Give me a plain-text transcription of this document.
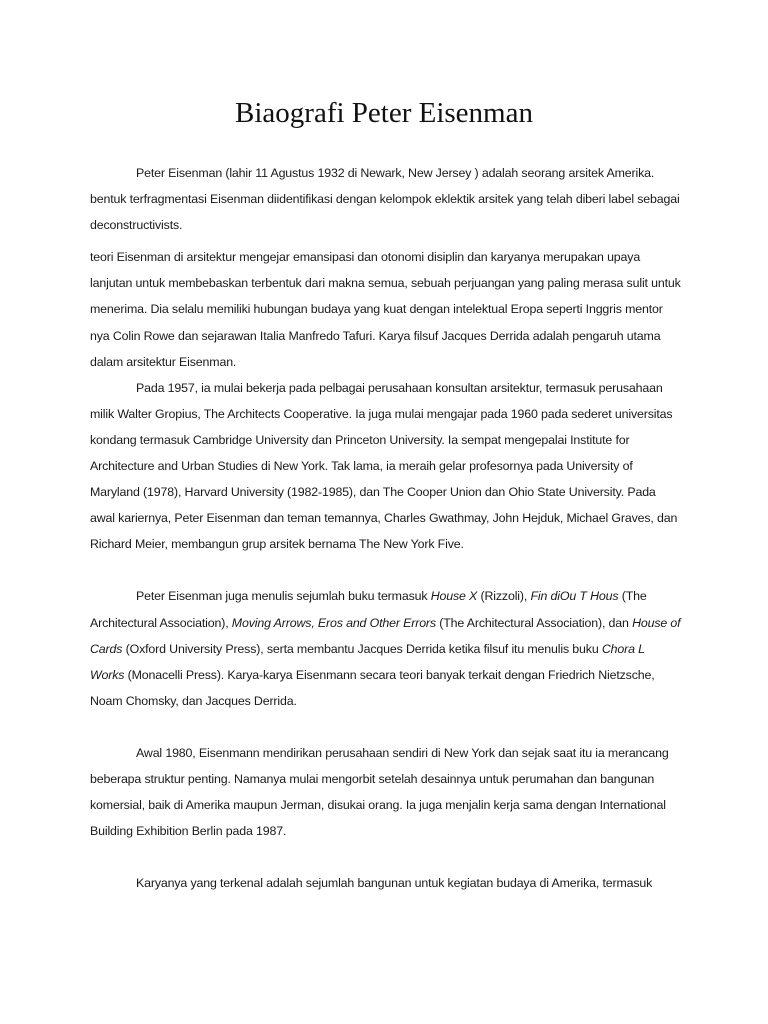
Biaografi Peter Eisenman

Peter Eisenman (lahir 11 Agustus 1932 di Newark, New Jersey ) adalah seorang arsitek Amerika. bentuk terfragmentasi Eisenman diidentifikasi dengan kelompok eklektik arsitek yang telah diberi label sebagai deconstructivists.

teori Eisenman di arsitektur mengejar emansipasi dan otonomi disiplin dan karyanya merupakan upaya lanjutan untuk membebaskan terbentuk dari makna semua, sebuah perjuangan yang paling merasa sulit untuk menerima. Dia selalu memiliki hubungan budaya yang kuat dengan intelektual Eropa seperti Inggris mentor nya Colin Rowe dan sejarawan Italia Manfredo Tafuri. Karya filsuf Jacques Derrida adalah pengaruh utama dalam arsitektur Eisenman.

Pada 1957, ia mulai bekerja pada pelbagai perusahaan konsultan arsitektur, termasuk perusahaan milik Walter Gropius, The Architects Cooperative. Ia juga mulai mengajar pada 1960 pada sederet universitas kondang termasuk Cambridge University dan Princeton University. Ia sempat mengepalai Institute for Architecture and Urban Studies di New York. Tak lama, ia meraih gelar profesornya pada University of Maryland (1978), Harvard University (1982-1985), dan The Cooper Union dan Ohio State University. Pada awal kariernya, Peter Eisenman dan teman temannya, Charles Gwathmay, John Hejduk, Michael Graves, dan Richard Meier, membangun grup arsitek bernama The New York Five.

Peter Eisenman juga menulis sejumlah buku termasuk House X (Rizzoli), Fin diOu T Hous (The Architectural Association), Moving Arrows, Eros and Other Errors (The Architectural Association), dan House of Cards (Oxford University Press), serta membantu Jacques Derrida ketika filsuf itu menulis buku Chora L Works (Monacelli Press). Karya-karya Eisenmann secara teori banyak terkait dengan Friedrich Nietzsche, Noam Chomsky, dan Jacques Derrida.

Awal 1980, Eisenmann mendirikan perusahaan sendiri di New York dan sejak saat itu ia merancang beberapa struktur penting. Namanya mulai mengorbit setelah desainnya untuk perumahan dan bangunan komersial, baik di Amerika maupun Jerman, disukai orang. Ia juga menjalin kerja sama dengan International Building Exhibition Berlin pada 1987.

Karyanya yang terkenal adalah sejumlah bangunan untuk kegiatan budaya di Amerika, termasuk
